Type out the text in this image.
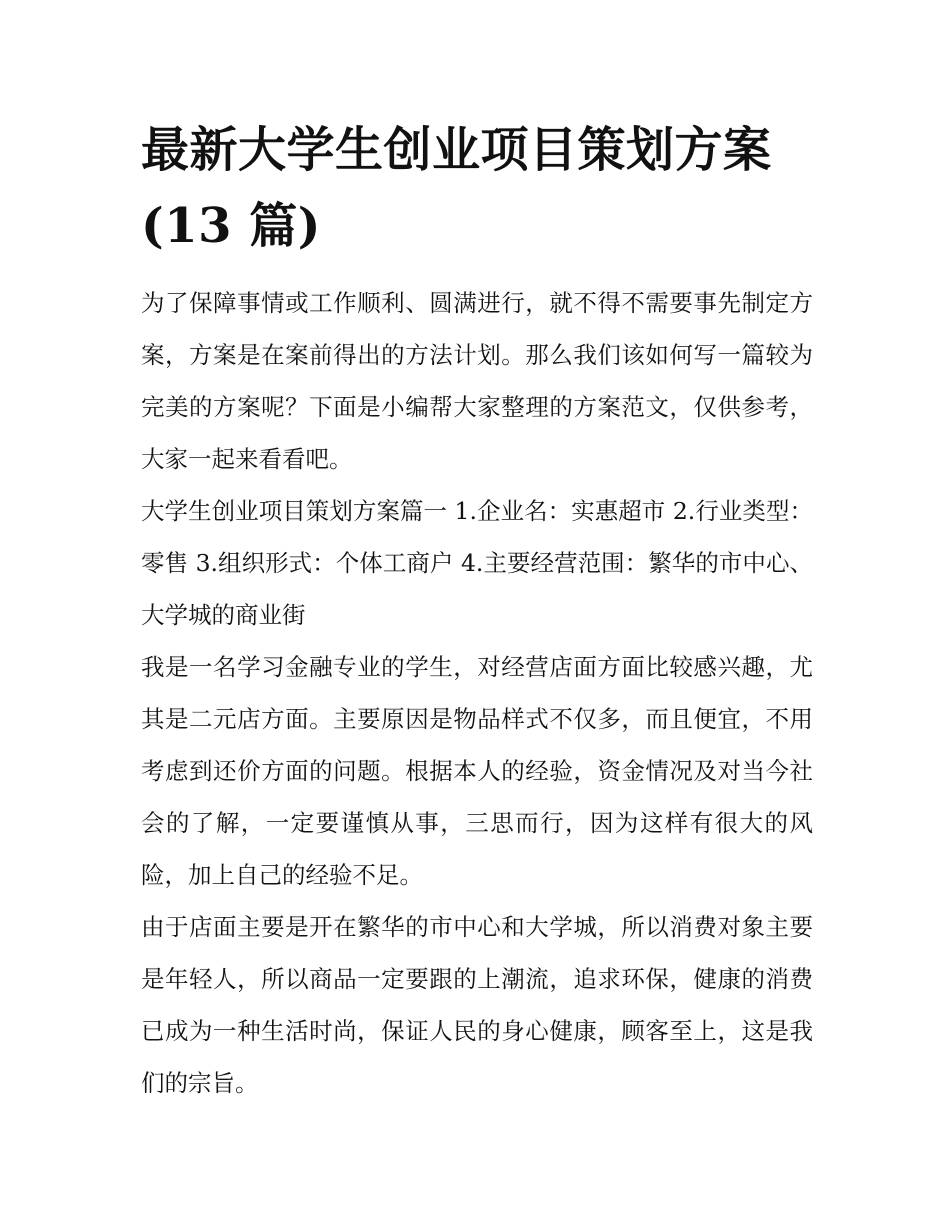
最新大学生创业项目策划方案
(13 篇)

为了保障事情或工作顺利、圆满进行，就不得不需要事先制定方案，方案是在案前得出的方法计划。那么我们该如何写一篇较为完美的方案呢？下面是小编帮大家整理的方案范文，仅供参考，大家一起来看看吧。

大学生创业项目策划方案篇一 1.企业名：实惠超市 2.行业类型：零售 3.组织形式：个体工商户 4.主要经营范围：繁华的市中心、大学城的商业街

我是一名学习金融专业的学生，对经营店面方面比较感兴趣，尤其是二元店方面。主要原因是物品样式不仅多，而且便宜，不用考虑到还价方面的问题。根据本人的经验，资金情况及对当今社会的了解，一定要谨慎从事，三思而行，因为这样有很大的风险，加上自己的经验不足。

由于店面主要是开在繁华的市中心和大学城，所以消费对象主要是年轻人，所以商品一定要跟的上潮流，追求环保，健康的消费已成为一种生活时尚，保证人民的身心健康，顾客至上，这是我们的宗旨。
